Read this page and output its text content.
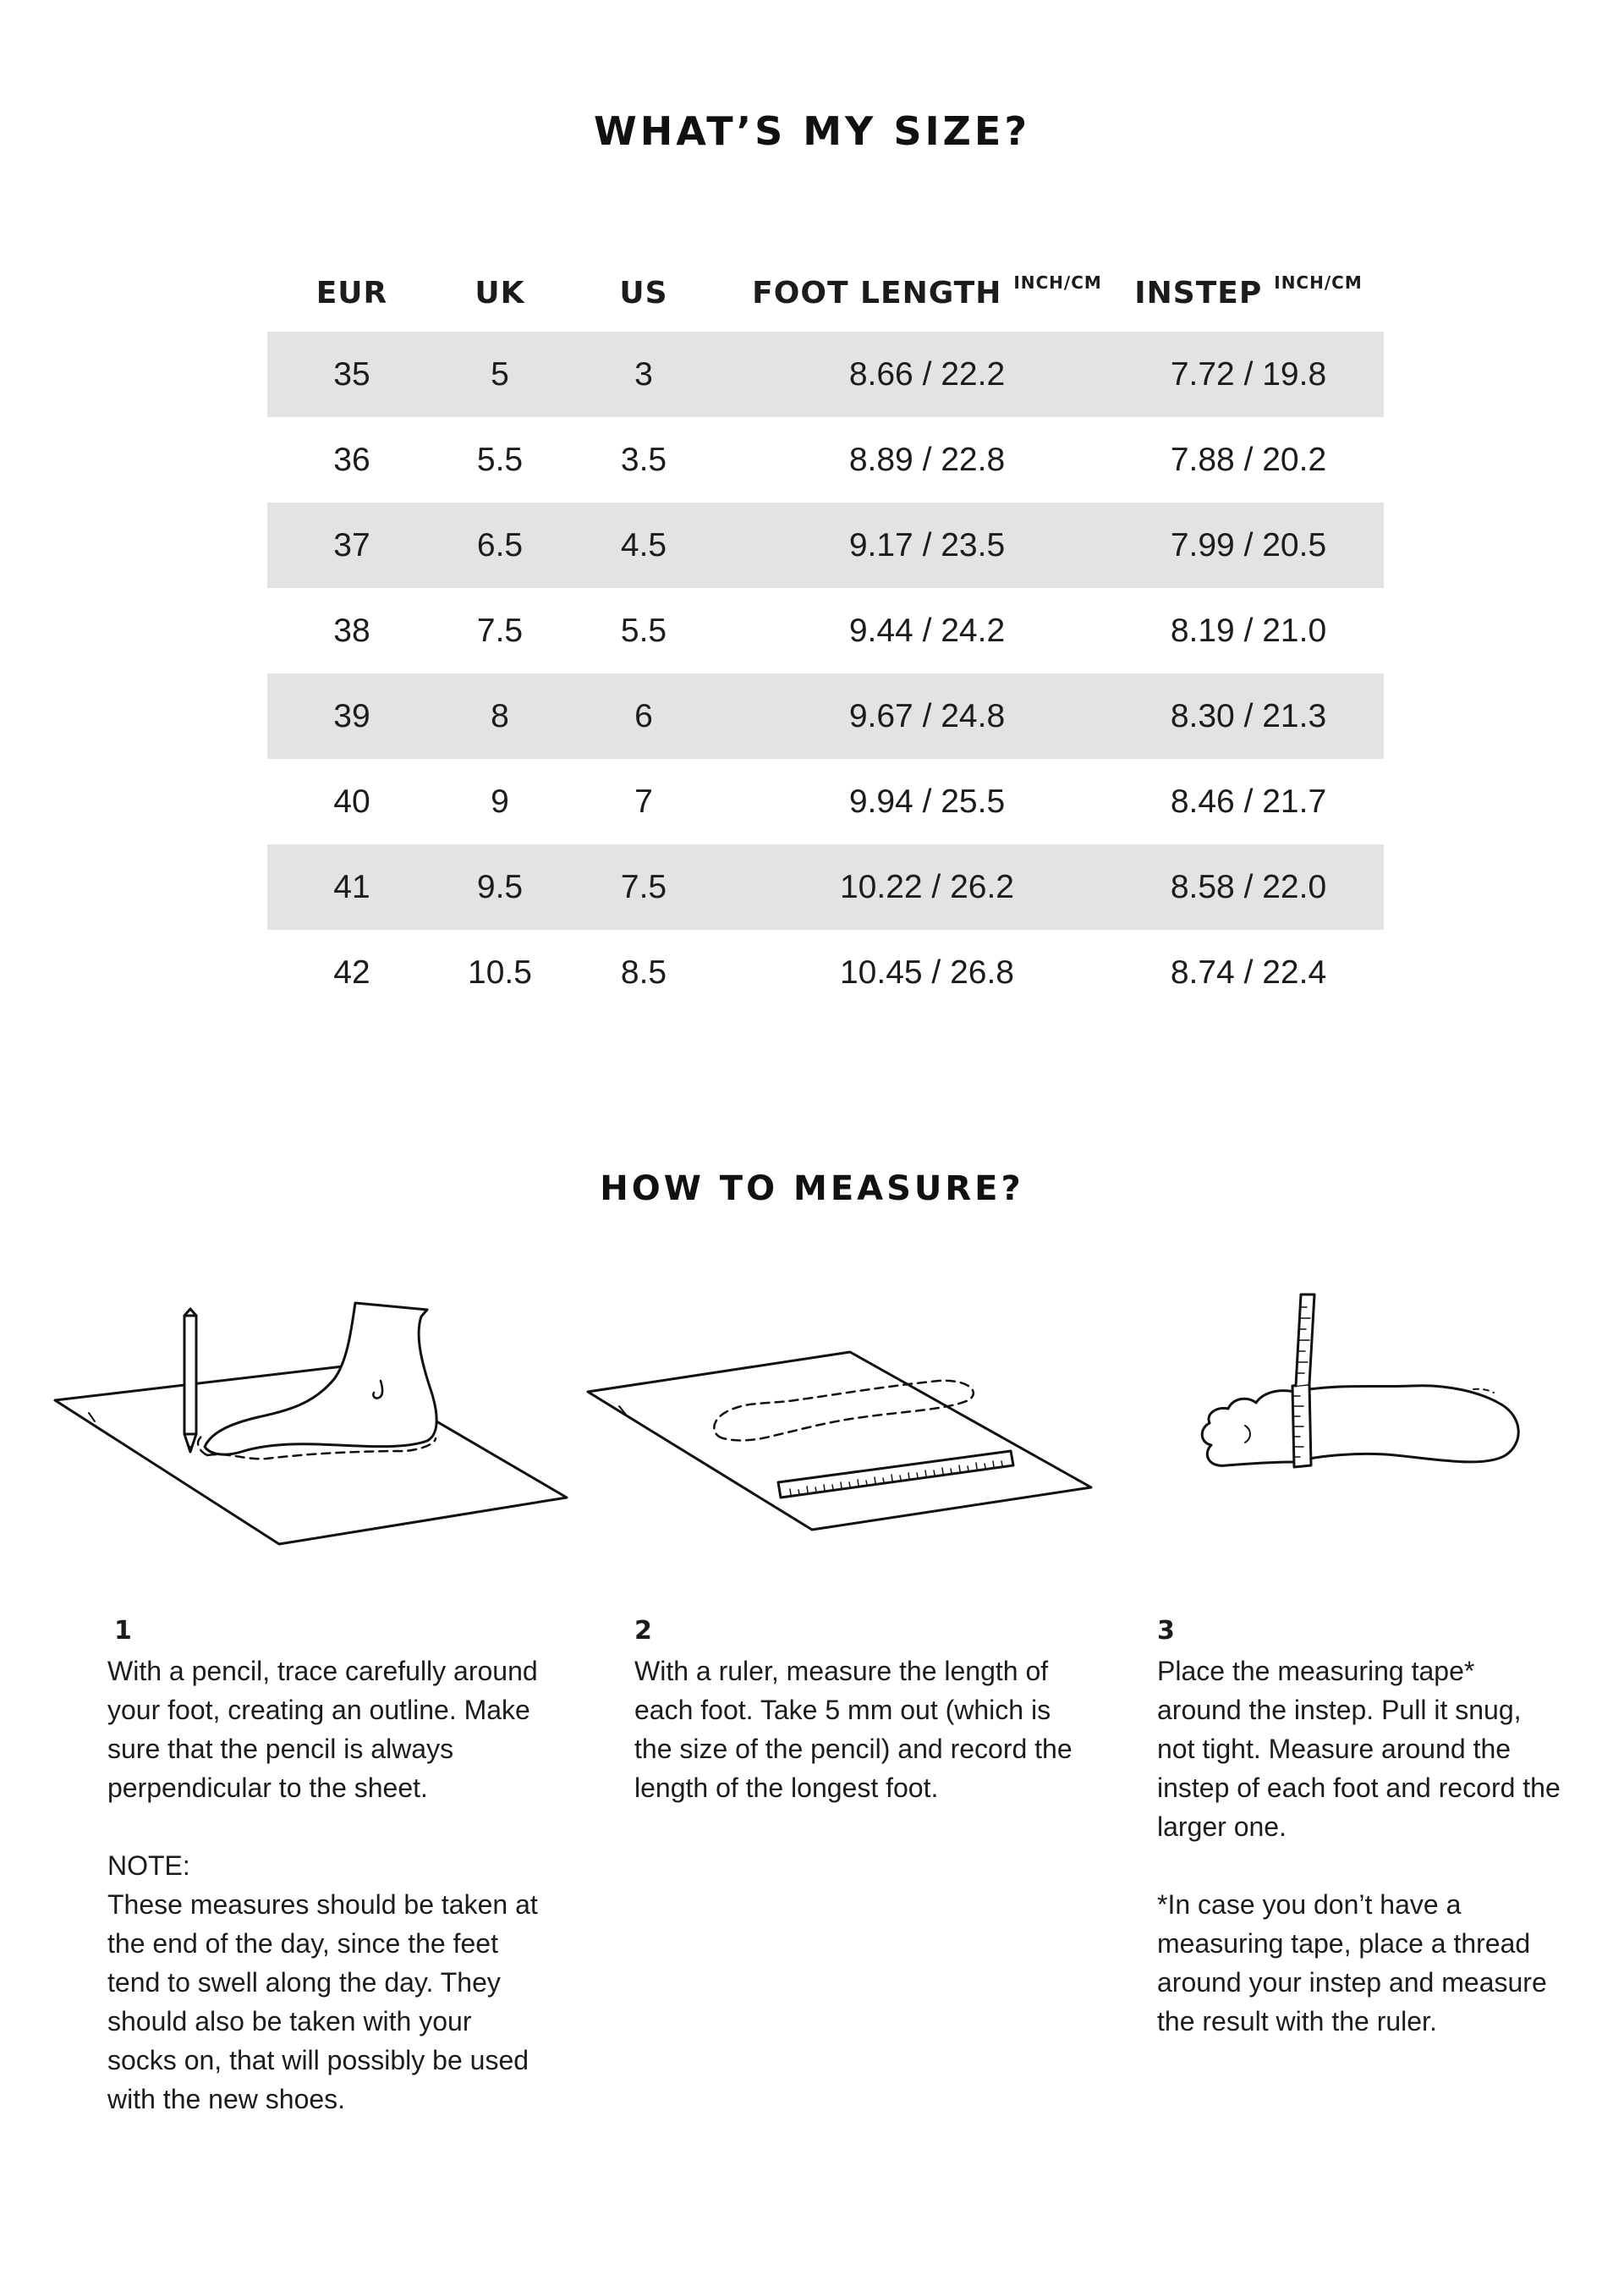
WHAT’S MY SIZE?
EUR	UK	US	FOOT LENGTH INCH/CM INSTEP INCH/CM
35	5	3	8.66 / 22.2	7.72 / 19.8
36	5.5	3.5	8.89 / 22.8	7.88 / 20.2
37	6.5	4.5	9.17 / 23.5	7.99 / 20.5
38	7.5	5.5	9.44 / 24.2	8.19 / 21.0
39	8	6	9.67 / 24.8	8.30 / 21.3
40	9	7	9.94 / 25.5	8.46 / 21.7
41	9.5	7.5	10.22 / 26.2	8.58 / 22.0
42	10.5	8.5	10.45 / 26.8	8.74 / 22.4
HOW TO MEASURE?
1

With a pencil, trace carefully around your foot, creating an outline. Make sure that the pencil is always perpendicular to the sheet.

NOTE:

These measures should be taken at the end of the day, since the feet tend to swell along the day. They should also be taken with your socks on, that will possibly be used with the new shoes.

2

With a ruler, measure the length of each foot. Take 5 mm out (which is the size of the pencil) and record the length of the longest foot.

3

Place the measuring tape* around the instep. Pull it snug, not tight. Measure around the instep of each foot and record the larger one.

*In case you don’t have a measuring tape, place a thread around your instep and measure the result with the ruler.
